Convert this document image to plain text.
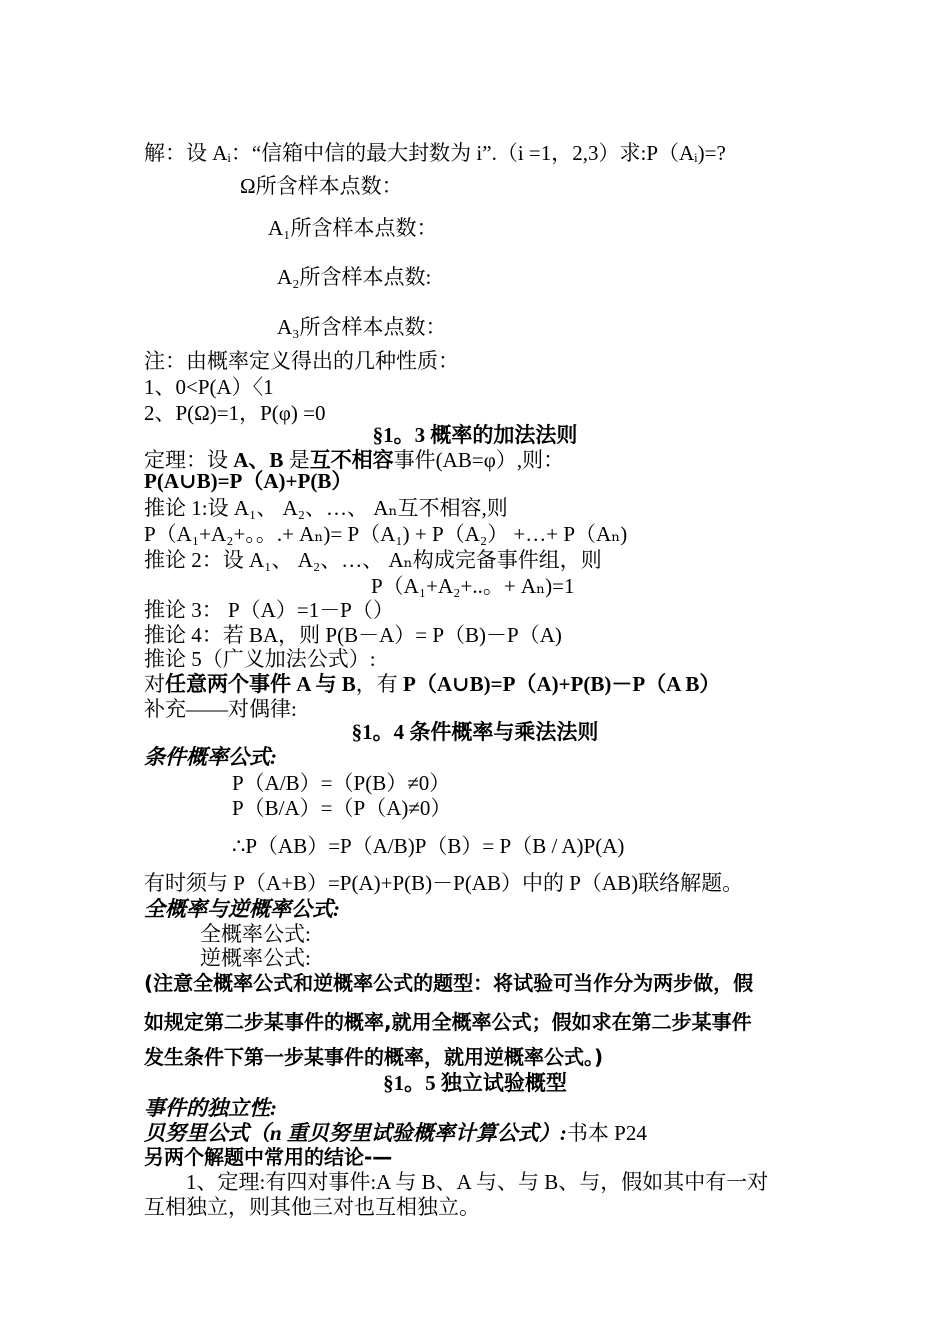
解：设 Aᵢ：“信箱中信的最大封数为 i”.（i =1，2,3）求:P（Aᵢ)=?
Ω所含样本点数：
A₁所含样本点数：
A₂所含样本点数:
A₃所含样本点数：
注：由概率定义得出的几种性质：
1、0<P(A）〈1
2、P(Ω)=1，P(φ) =0
P(A∪B)=P（A)+P(B）
推论 1:设 A₁、 A₂、…、 Aₙ互不相容,则
P（A₁+A₂+。。.+ Aₙ)= P（A₁) + P（A₂） +…+ P（Aₙ)
推论 2：设 A₁、 A₂、…、 Aₙ构成完备事件组，则
P（A₁+A₂+..。+ Aₙ)=1
推论 3： P（A）=1－P（）
推论 4：若 BA，则 P(B－A）= P（B)－P（A)
推论 5（广义加法公式）:
补充——对偶律:
条件概率公式:
P（A/B）=（P(B）≠0）
P（B/A）=（P（A)≠0）
∴P（AB）=P（A/B)P（B）= P（B / A)P(A)
有时须与 P（A+B）=P(A)+P(B)－P(AB）中的 P（AB)联络解题。
全概率与逆概率公式:
全概率公式:
逆概率公式:
(注意全概率公式和逆概率公式的题型：将试验可当作分为两步做，假
如规定第二步某事件的概率,就用全概率公式；假如求在第二步某事件
发生条件下第一步某事件的概率，就用逆概率公式。)
事件的独立性:
贝努里公式（n 重贝努里试验概率计算公式）:书本 P24
另两个解题中常用的结论-—
1、定理:有四对事件:A 与 B、A 与、与 B、与，假如其中有一对
互相独立，则其他三对也互相独立。
§1。3 概率的加法法则
定理：设 A、B 是互不相容事件(AB=φ）,则：
对任意两个事件 A 与 B，有 P（A∪B)=P（A)+P(B)－P（A B）
§1。4 条件概率与乘法法则
§1。5 独立试验概型
